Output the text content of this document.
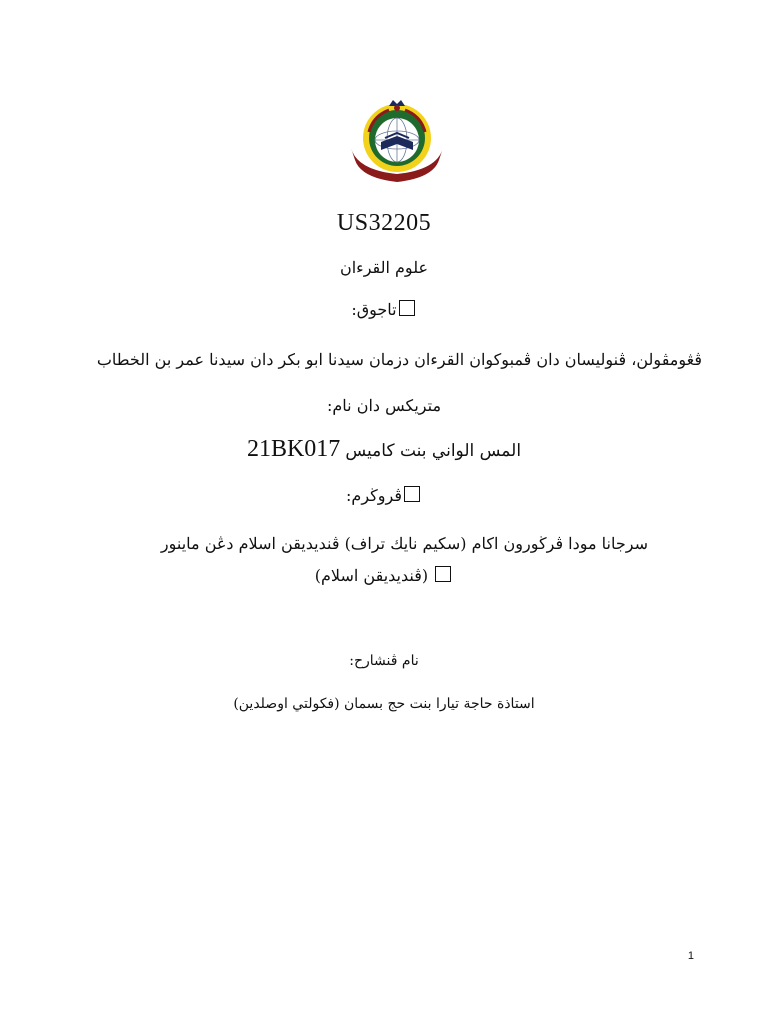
US32205
علوم القرءان
تاجوق:
ڤڠومڤولن، ڤنوليسان دان ڤمبوكوان القرءان دزمان سيدنا ابو بكر دان سيدنا عمر بن الخطاب
متريكس دان نام:
21BK017 المس الواني بنت كاميس
ڤروڬرم:
سرجانا مودا ڤرڬورون اكام (سكيم نايك تراف) ڤنديديقن اسلام دڠن ماينور
(ڤنديديقن اسلام)
نام ڤنشارح:
استاذة حاجة تيارا بنت حج بسمان (فكولتي اوصلدين)
1
